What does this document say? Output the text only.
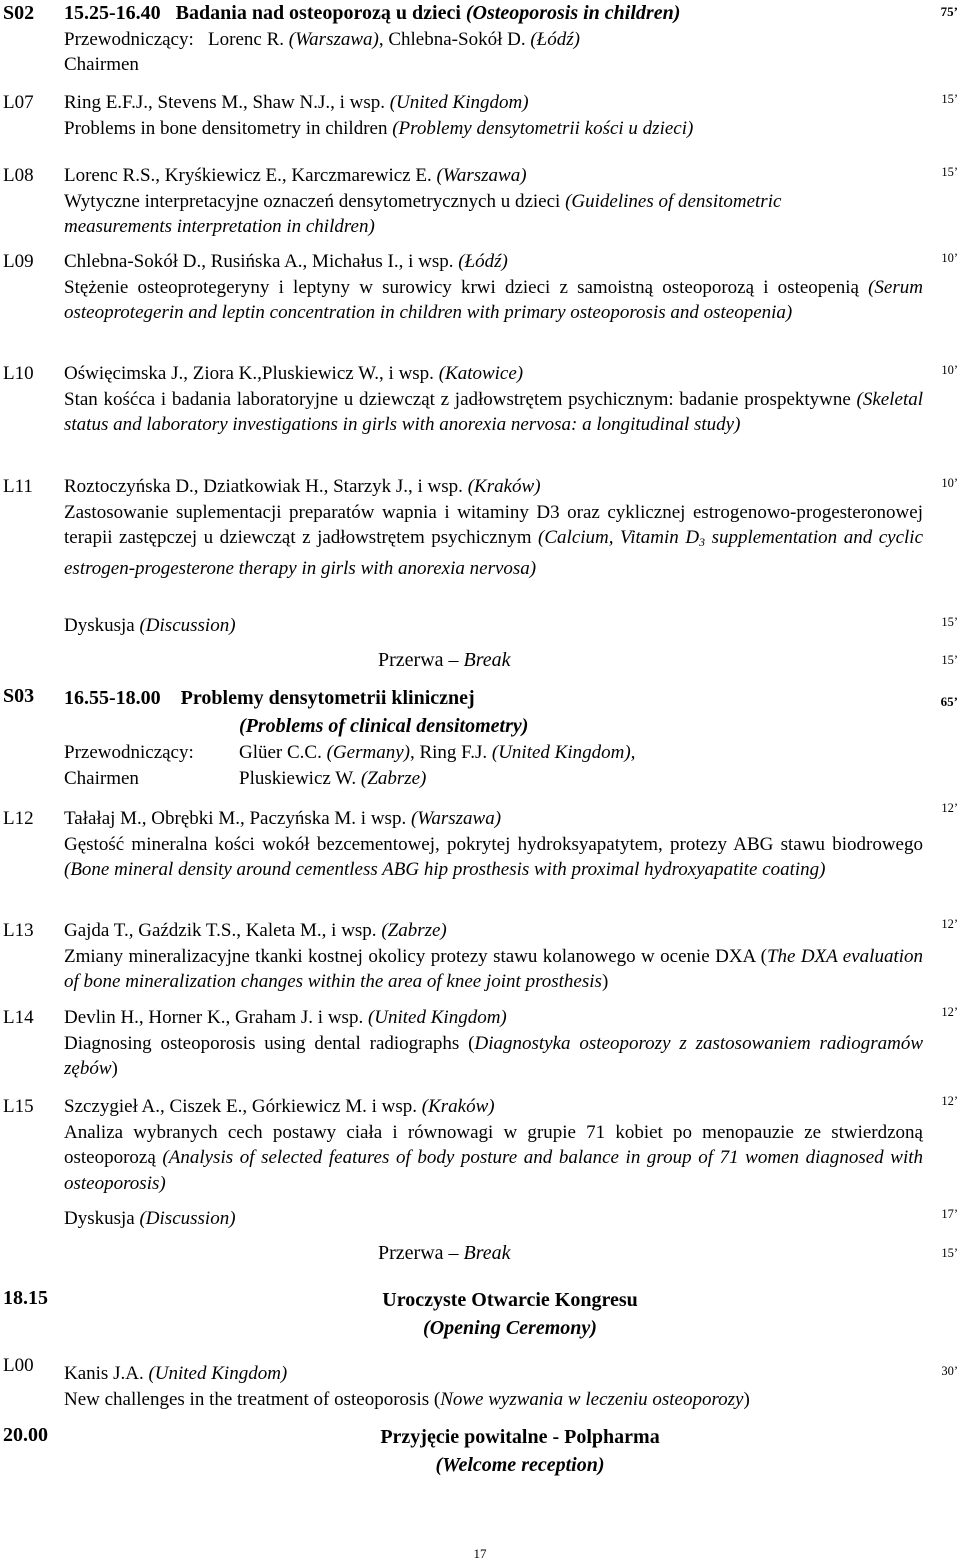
S02 15.25-16.40 Badania nad osteoporozą u dzieci (Osteoporosis in children)
Przewodniczący: Lorenc R. (Warszawa), Chlebna-Sokół D. (Łódź)
Chairmen
75’
L07 Ring E.F.J., Stevens M., Shaw N.J., i wsp. (United Kingdom)
Problems in bone densitometry in children (Problemy densytometrii kości u dzieci)
15’
L08 Lorenc R.S., Kryśkiewicz E., Karczmarewicz E. (Warszawa)
Wytyczne interpretacyjne oznaczeń densytometrycznych u dzieci (Guidelines of densitometric
measurements interpretation in children)
15’
L09 Chlebna-Sokół D., Rusińska A., Michałus I., i wsp. (Łódź)
Stężenie osteoprotegeryny i leptyny w surowicy krwi dzieci z samoistną osteoporozą i osteopenią (Serum osteoprotegerin and leptin concentration in children with primary osteoporosis and osteopenia)
10’
L10 Oświęcimska J., Ziora K.,Pluskiewicz W., i wsp. (Katowice)
Stan kośćca i badania laboratoryjne u dziewcząt z jadłowstrętem psychicznym: badanie prospektywne (Skeletal status and laboratory investigations in girls with anorexia nervosa: a longitudinal study)
10’
L11 Roztoczyńska D., Dziatkowiak H., Starzyk J., i wsp. (Kraków)
Zastosowanie suplementacji preparatów wapnia i witaminy D3 oraz cyklicznej estrogenowo-progesteronowej terapii zastępczej u dziewcząt z jadłowstrętem psychicznym (Calcium, Vitamin $D_3$ supplementation and cyclic estrogen-progesterone therapy in girls with anorexia nervosa)
10’
Dyskusja (Discussion)	15’
Przerwa – Break	15’
S03 16.55-18.00 Problemy densytometrii klinicznej
(Problems of clinical densitometry)
Przewodniczący: Glüer C.C. (Germany), Ring F.J. (United Kingdom),
Chairmen	Pluskiewicz W. (Zabrze)
65’
L12 Tałałaj M., Obrębki M., Paczyńska M. i wsp. (Warszawa)
Gęstość mineralna kości wokół bezcementowej, pokrytej hydroksyapatytem, protezy ABG stawu biodrowego (Bone mineral density around cementless ABG hip prosthesis with proximal hydroxyapatite coating)
12’
L13 Gajda T., Gaździk T.S., Kaleta M., i wsp. (Zabrze)
Zmiany mineralizacyjne tkanki kostnej okolicy protezy stawu kolanowego w ocenie DXA (The DXA evaluation of bone mineralization changes within the area of knee joint prosthesis)
12’
L14 Devlin H., Horner K., Graham J. i wsp. (United Kingdom)
Diagnosing osteoporosis using dental radiographs (Diagnostyka osteoporozy z zastosowaniem radiogramów zębów)
12’
L15 Szczygieł A., Ciszek E., Górkiewicz M. i wsp. (Kraków)
Analiza wybranych cech postawy ciała i równowagi w grupie 71 kobiet po menopauzie ze stwierdzoną osteoporozą (Analysis of selected features of body posture and balance in group of 71 women diagnosed with osteoporosis)
12’
Dyskusja (Discussion)	17’
Przerwa – Break	15’
18.15	Uroczyste Otwarcie Kongresu
(Opening Ceremony)
L00 Kanis J.A. (United Kingdom)
New challenges in the treatment of osteoporosis (Nowe wyzwania w leczeniu osteoporozy)
30’
20.00	Przyjęcie powitalne - Polpharma
(Welcome reception)
17
